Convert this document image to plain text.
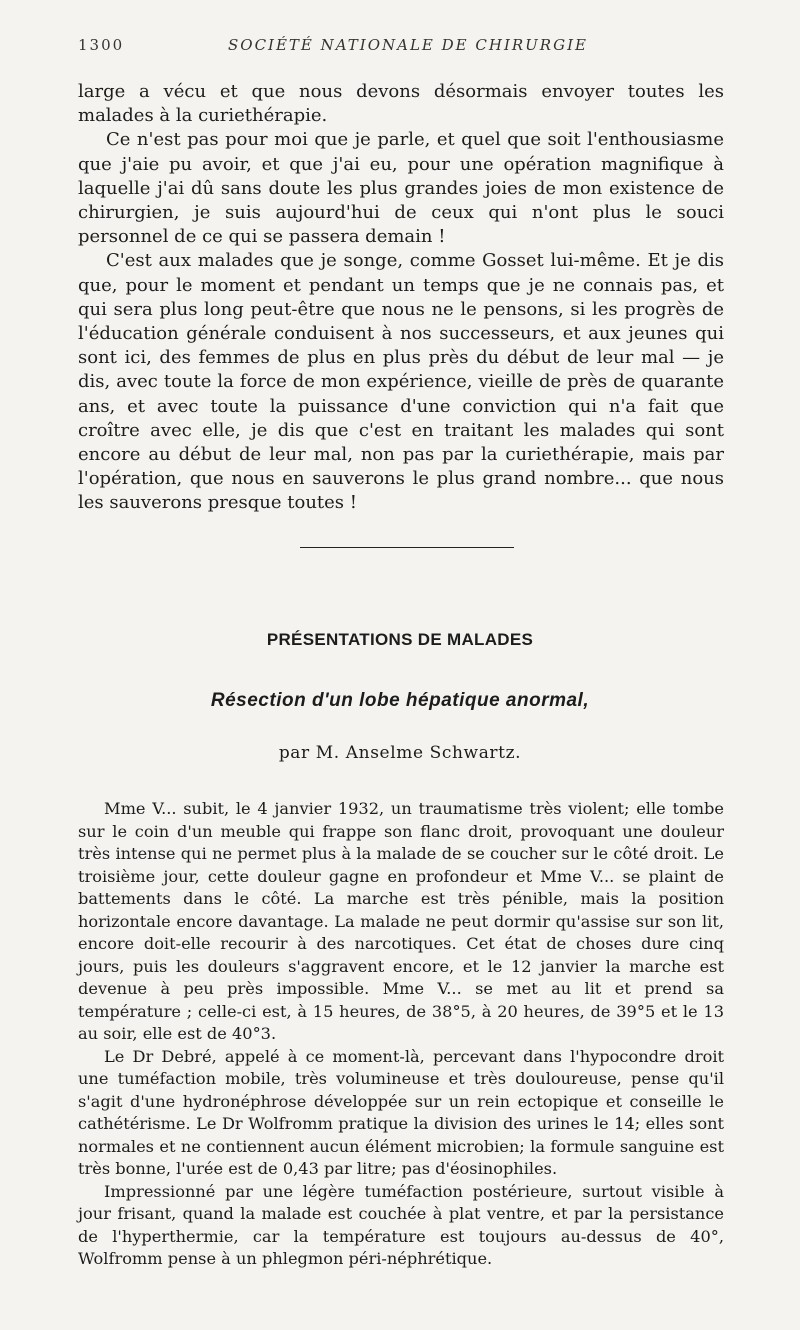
1300	SOCIÉTÉ NATIONALE DE CHIRURGIE

large a vécu et que nous devons désormais envoyer toutes les malades à la curiethérapie.

Ce n'est pas pour moi que je parle, et quel que soit l'enthousiasme que j'aie pu avoir, et que j'ai eu, pour une opération magnifique à laquelle j'ai dû sans doute les plus grandes joies de mon existence de chirurgien, je suis aujourd'hui de ceux qui n'ont plus le souci personnel de ce qui se passera demain !

C'est aux malades que je songe, comme Gosset lui-même. Et je dis que, pour le moment et pendant un temps que je ne connais pas, et qui sera plus long peut-être que nous ne le pensons, si les progrès de l'éducation générale conduisent à nos successeurs, et aux jeunes qui sont ici, des femmes de plus en plus près du début de leur mal — je dis, avec toute la force de mon expérience, vieille de près de quarante ans, et avec toute la puissance d'une conviction qui n'a fait que croître avec elle, je dis que c'est en traitant les malades qui sont encore au début de leur mal, non pas par la curiethérapie, mais par l'opération, que nous en sauverons le plus grand nombre... que nous les sauverons presque toutes !

PRÉSENTATIONS DE MALADES
Résection d'un lobe hépatique anormal,
par M. Anselme Schwartz.

Mme V... subit, le 4 janvier 1932, un traumatisme très violent; elle tombe sur le coin d'un meuble qui frappe son flanc droit, provoquant une douleur très intense qui ne permet plus à la malade de se coucher sur le côté droit. Le troisième jour, cette douleur gagne en profondeur et Mme V... se plaint de battements dans le côté. La marche est très pénible, mais la position horizontale encore davantage. La malade ne peut dormir qu'assise sur son lit, encore doit-elle recourir à des narcotiques. Cet état de choses dure cinq jours, puis les douleurs s'aggravent encore, et le 12 janvier la marche est devenue à peu près impossible. Mme V... se met au lit et prend sa température ; celle-ci est, à 15 heures, de 38°5, à 20 heures, de 39°5 et le 13 au soir, elle est de 40°3.

Le Dr Debré, appelé à ce moment-là, percevant dans l'hypocondre droit une tuméfaction mobile, très volumineuse et très douloureuse, pense qu'il s'agit d'une hydronéphrose développée sur un rein ectopique et conseille le cathétérisme. Le Dr Wolfromm pratique la division des urines le 14; elles sont normales et ne contiennent aucun élément microbien; la formule sanguine est très bonne, l'urée est de 0,43 par litre; pas d'éosinophiles.

Impressionné par une légère tuméfaction postérieure, surtout visible à jour frisant, quand la malade est couchée à plat ventre, et par la persistance de l'hyperthermie, car la température est toujours au-dessus de 40°, Wolfromm pense à un phlegmon péri-néphrétique.
